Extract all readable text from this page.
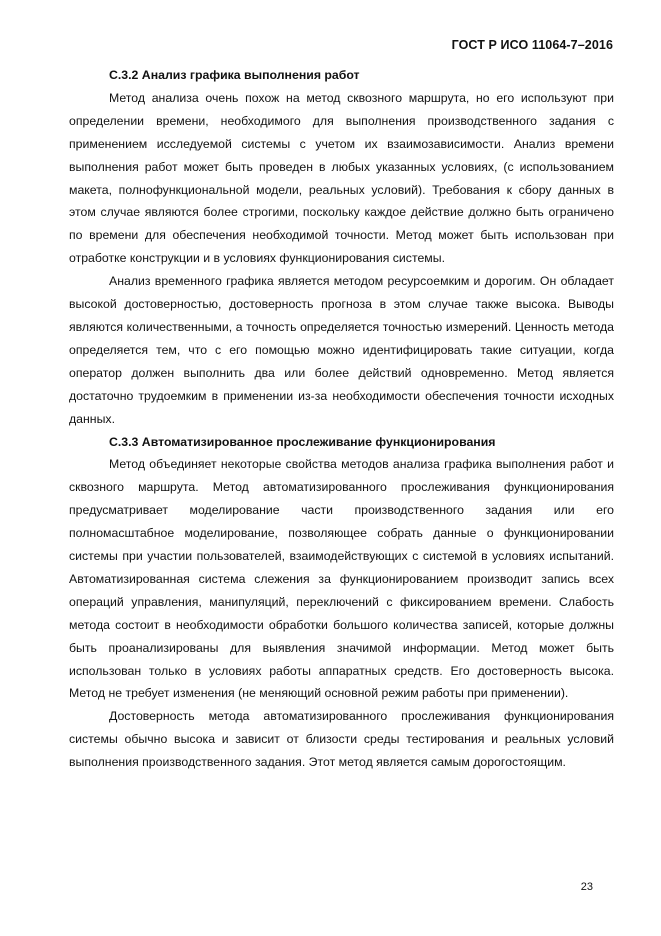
ГОСТ Р ИСО 11064-7–2016

C.3.2 Анализ графика выполнения работ

Метод анализа очень похож на метод сквозного маршрута, но его используют при определении времени, необходимого для выполнения производственного задания с применением исследуемой системы с учетом их взаимозависимости. Анализ времени выполнения работ может быть проведен в любых указанных условиях, (с использованием макета, полнофункциональной модели, реальных условий). Требования к сбору данных в этом случае являются более строгими, поскольку каждое действие должно быть ограничено по времени для обеспечения необходимой точности. Метод может быть использован при отработке конструкции и в условиях функционирования системы.

Анализ временного графика является методом ресурсоемким и дорогим. Он обладает высокой достоверностью, достоверность прогноза в этом случае также высока. Выводы являются количественными, а точность определяется точностью измерений. Ценность метода определяется тем, что с его помощью можно идентифицировать такие ситуации, когда оператор должен выполнить два или более действий одновременно. Метод является достаточно трудоемким в применении из-за необходимости обеспечения точности исходных данных.

C.3.3 Автоматизированное прослеживание функционирования

Метод объединяет некоторые свойства методов анализа графика выполнения работ и сквозного маршрута. Метод автоматизированного прослеживания функционирования предусматривает моделирование части производственного задания или его полномасштабное моделирование, позволяющее собрать данные о функционировании системы при участии пользователей, взаимодействующих с системой в условиях испытаний. Автоматизированная система слежения за функционированием производит запись всех операций управления, манипуляций, переключений с фиксированием времени. Слабость метода состоит в необходимости обработки большого количества записей, которые должны быть проанализированы для выявления значимой информации. Метод может быть использован только в условиях работы аппаратных средств. Его достоверность высока. Метод не требует изменения (не меняющий основной режим работы при применении).

Достоверность метода автоматизированного прослеживания функционирования системы обычно высока и зависит от близости среды тестирования и реальных условий выполнения производственного задания. Этот метод является самым дорогостоящим.

23
